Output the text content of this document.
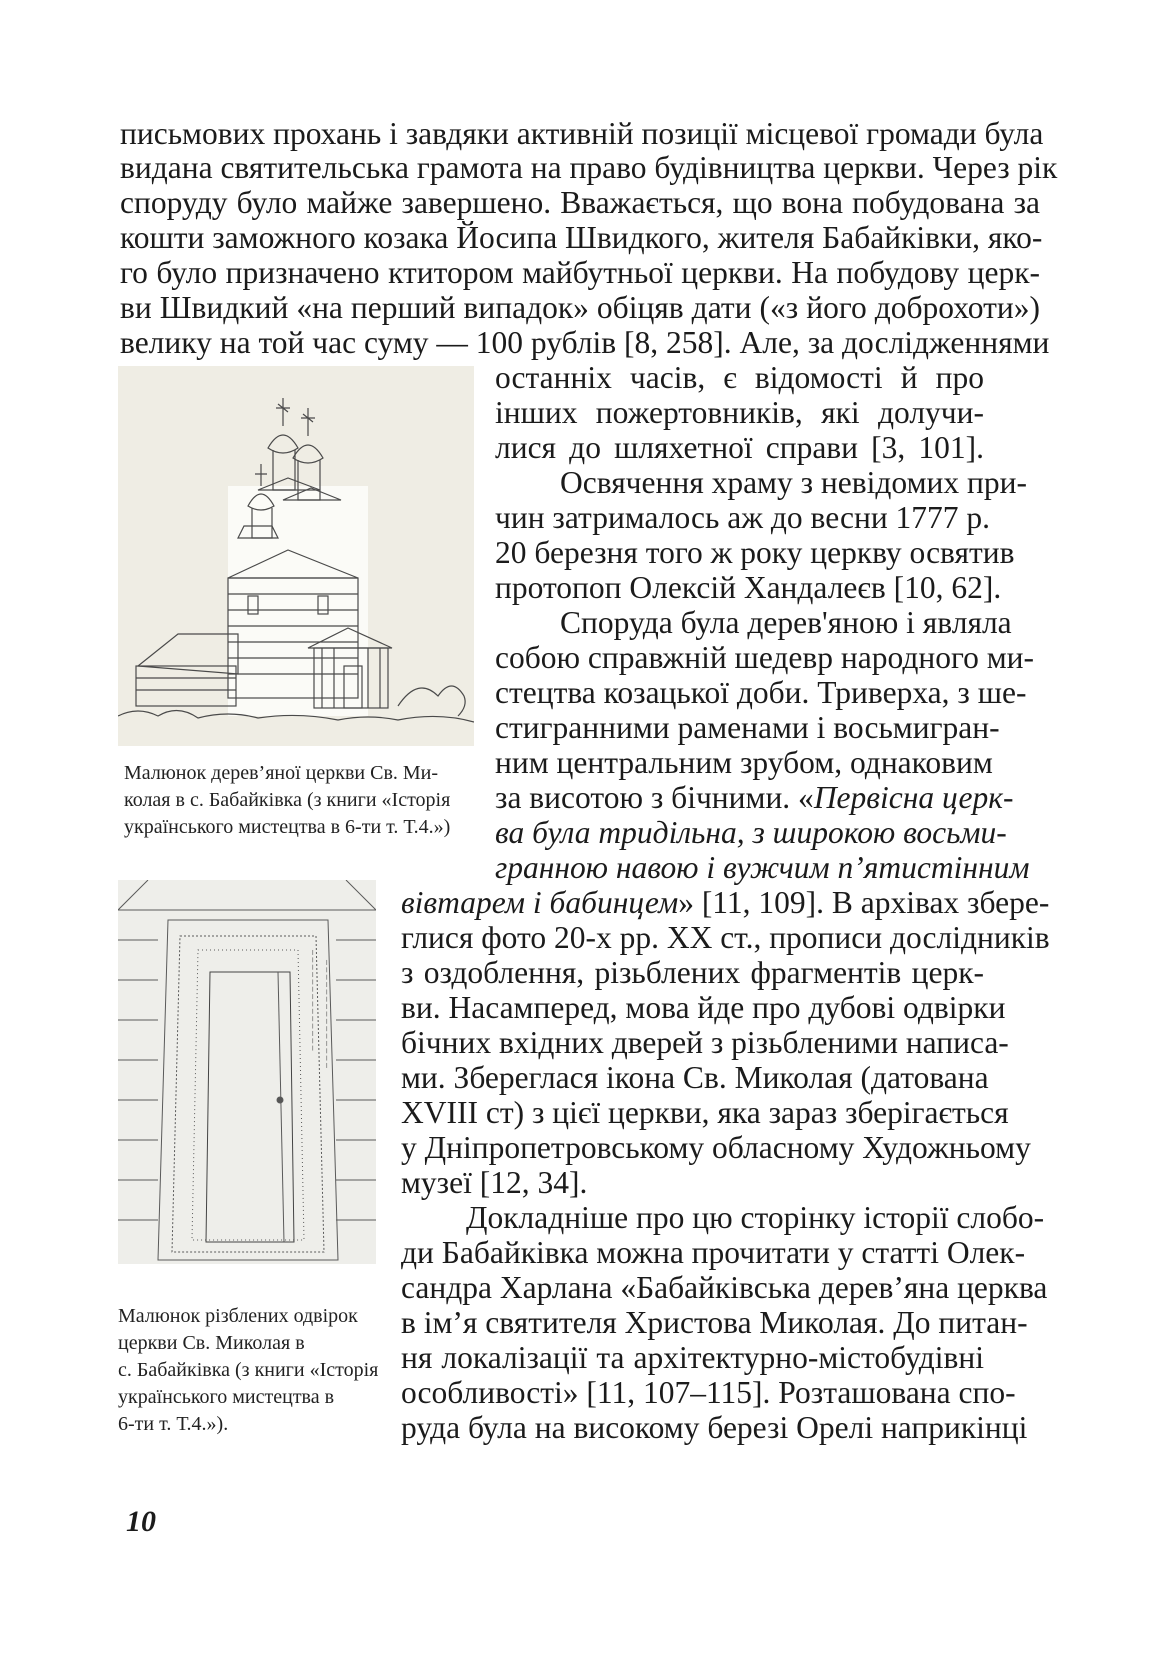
письмових прохань і завдяки активній позиції місцевої громади була
видана святительська грамота на право будівництва церкви. Через рік
споруду було майже завершено. Вважається, що вона побудована за
кошти заможного козака Йосипа Швидкого, жителя Бабайківки, яко-
го було призначено ктитором майбутньої церкви. На побудову церк-
ви Швидкий «на перший випадок» обіцяв дати («з його доброхоти»)
велику на той час суму — 100 рублів [8, 258]. Але, за дослідженнями
останніх часів, є відомості й про
інших пожертовників, які долучи-
лися до шляхетної справи [3, 101].
Освячення храму з невідомих при-
чин затрималось аж до весни 1777 р.
20 березня того ж року церкву освятив
протопоп Олексій Хандалеєв [10, 62].
Споруда була дерев'яною і являла
собою справжній шедевр народного ми-
стецтва козацької доби. Триверха, з ше-
стигранними раменами і восьмигран-
ним центральним зрубом, однаковим
за висотою з бічними. «Первісна церк-
ва була тридільна, з широкою восьми-
гранною навою і вужчим п’ятистінним
вівтарем і бабинцем» [11, 109]. В архівах збере-
глися фото 20-х рр. XX ст., прописи дослідників
з оздоблення, різьблених фрагментів церк-
ви. Насамперед, мова йде про дубові одвірки
бічних вхідних дверей з різьбленими написа-
ми. Збереглася ікона Св. Миколая (датована
XVIII ст) з цієї церкви, яка зараз зберігається
у Дніпропетровському обласному Художньому
музеї [12, 34].
Докладніше про цю сторінку історії слобо-
ди Бабайківка можна прочитати у статті Олек-
сандра Харлана «Бабайківська дерев’яна церква
в ім’я святителя Христова Миколая. До питан-
ня локалізації та архітектурно-містобудівні
особливості» [11, 107–115]. Розташована спо-
руда була на високому березі Орелі наприкінці
Малюнок дерев’яної церкви Св. Ми-
колая в с. Бабайківка (з книги «Історія
українського мистецтва в 6-ти т. Т.4.»)
─ ─ ─ ─ ─ ─ ─ ─ ─ ─ ─ ─ ─ ─ ─ ─ ─ ─ ─ ─ ─ ─ ─ ─ ─ ─ ─ ─ ─
Малюнок різблених одвірок
церкви Св. Миколая в
с. Бабайківка (з книги «Історія
українського мистецтва в
6-ти т. Т.4.»).
10
